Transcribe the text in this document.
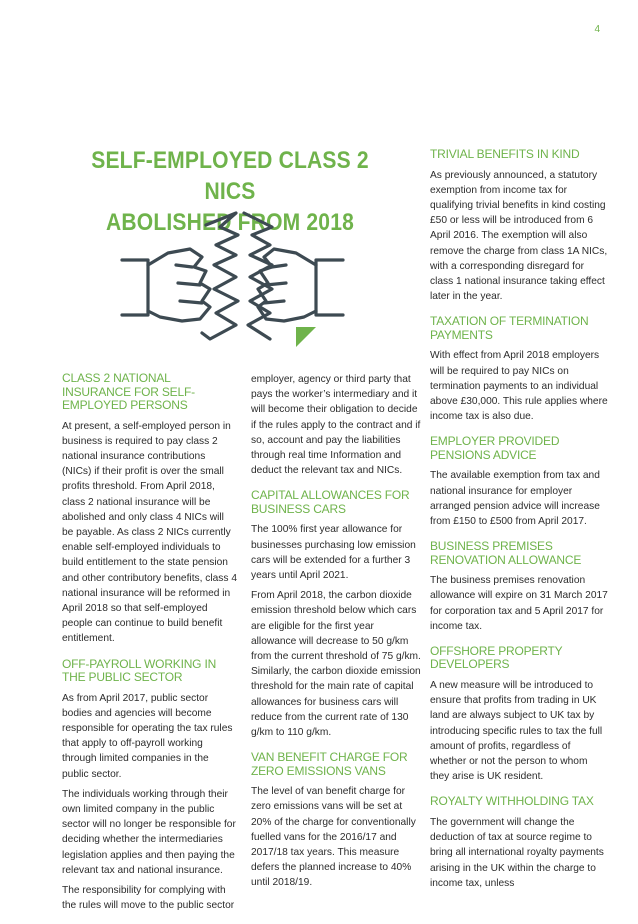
4
SELF-EMPLOYED CLASS 2 NICS
ABOLISHED FROM 2018
CLASS 2 NATIONAL INSURANCE FOR SELF-EMPLOYED PERSONS
At present, a self-employed person in business is required to pay class 2 national insurance contributions (NICs) if their profit is over the small profits threshold. From April 2018, class 2 national insurance will be abolished and only class 4 NICs will be payable. As class 2 NICs currently enable self-employed individuals to build entitlement to the state pension and other contributory benefits, class 4 national insurance will be reformed in April 2018 so that self-employed people can continue to build benefit entitlement.
OFF-PAYROLL WORKING IN THE PUBLIC SECTOR
As from April 2017, public sector bodies and agencies will become responsible for operating the tax rules that apply to off-payroll working through limited companies in the public sector.
The individuals working through their own limited company in the public sector will no longer be responsible for deciding whether the intermediaries legislation applies and then paying the relevant tax and national insurance.
The responsibility for complying with the rules will move to the public sector
employer, agency or third party that pays the worker’s intermediary and it will become their obligation to decide if the rules apply to the contract and if so, account and pay the liabilities through real time Information and deduct the relevant tax and NICs.
CAPITAL ALLOWANCES FOR BUSINESS CARS
The 100% first year allowance for businesses purchasing low emission cars will be extended for a further 3 years until April 2021.
From April 2018, the carbon dioxide emission threshold below which cars are eligible for the first year allowance will decrease to 50 g/km from the current threshold of 75 g/km. Similarly, the carbon dioxide emission threshold for the main rate of capital allowances for business cars will reduce from the current rate of 130 g/km to 110 g/km.
VAN BENEFIT CHARGE FOR ZERO EMISSIONS VANS
The level of van benefit charge for zero emissions vans will be set at 20% of the charge for conventionally fuelled vans for the 2016/17 and 2017/18 tax years. This measure defers the planned increase to 40% until 2018/19.
TRIVIAL BENEFITS IN KIND
As previously announced, a statutory exemption from income tax for qualifying trivial benefits in kind costing £50 or less will be introduced from 6 April 2016. The exemption will also remove the charge from class 1A NICs, with a corresponding disregard for class 1 national insurance taking effect later in the year.
TAXATION OF TERMINATION PAYMENTS
With effect from April 2018 employers will be required to pay NICs on termination payments to an individual above £30,000. This rule applies where income tax is also due.
EMPLOYER PROVIDED PENSIONS ADVICE
The available exemption from tax and national insurance for employer arranged pension advice will increase from £150 to £500 from April 2017.
BUSINESS PREMISES RENOVATION ALLOWANCE
The business premises renovation allowance will expire on 31 March 2017 for corporation tax and 5 April 2017 for income tax.
OFFSHORE PROPERTY DEVELOPERS
A new measure will be introduced to ensure that profits from trading in UK land are always subject to UK tax by introducing specific rules to tax the full amount of profits, regardless of whether or not the person to whom they arise is UK resident.
ROYALTY WITHHOLDING TAX
The government will change the deduction of tax at source regime to bring all international royalty payments arising in the UK within the charge to income tax, unless
